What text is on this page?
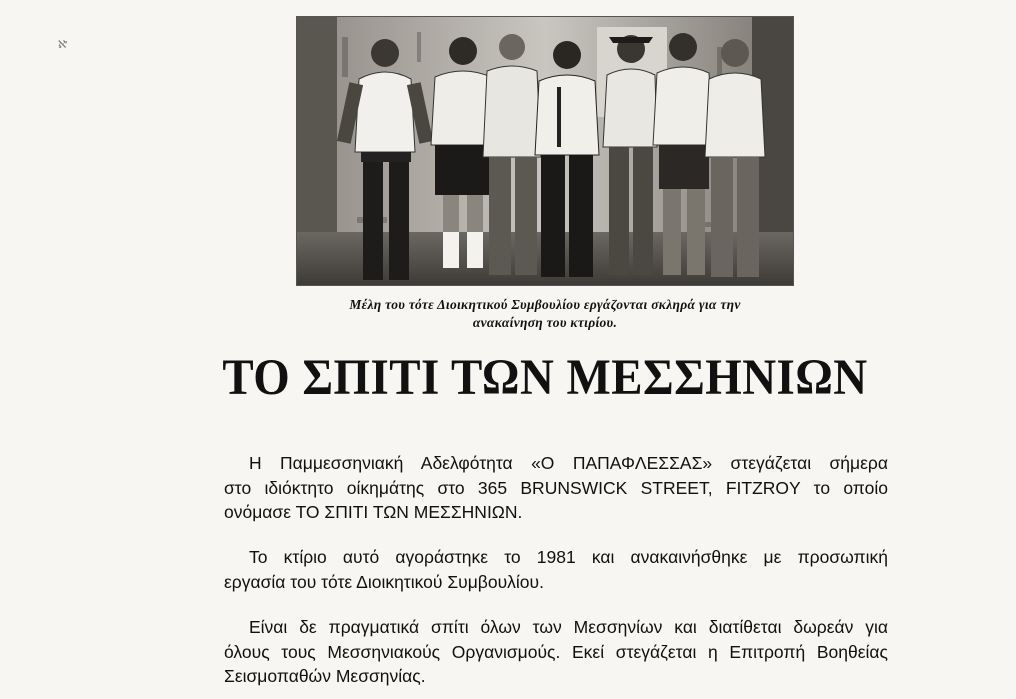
ℵ'
Μέλη του τότε Διοικητικού Συμβουλίου εργάζονται σκληρά για την
ανακαίνηση του κτιρίου.
ΤΟ ΣΠΙΤΙ ΤΩΝ ΜΕΣΣΗΝΙΩΝ
Η Παμμεσσηνιακή Αδελφότητα «Ο ΠΑΠΑΦΛΕΣΣΑΣ» στεγάζεται σήμερα
στο ιδιόκτητο οίκημάτης στο 365 BRUNSWICK STREET, FITZROY το οποίο
ονόμασε ΤΟ ΣΠΙΤΙ ΤΩΝ ΜΕΣΣΗΝΙΩΝ.
Το κτίριο αυτό αγοράστηκε το 1981 και ανακαινήσθηκε με προσωπική
εργασία του τότε Διοικητικού Συμβουλίου.
Είναι δε πραγματικά σπίτι όλων των Μεσσηνίων και διατίθεται δωρεάν για
όλους τους Μεσσηνιακούς Οργανισμούς. Εκεί στεγάζεται η Επιτροπή Βοηθείας
Σεισμοπαθών Μεσσηνίας.
